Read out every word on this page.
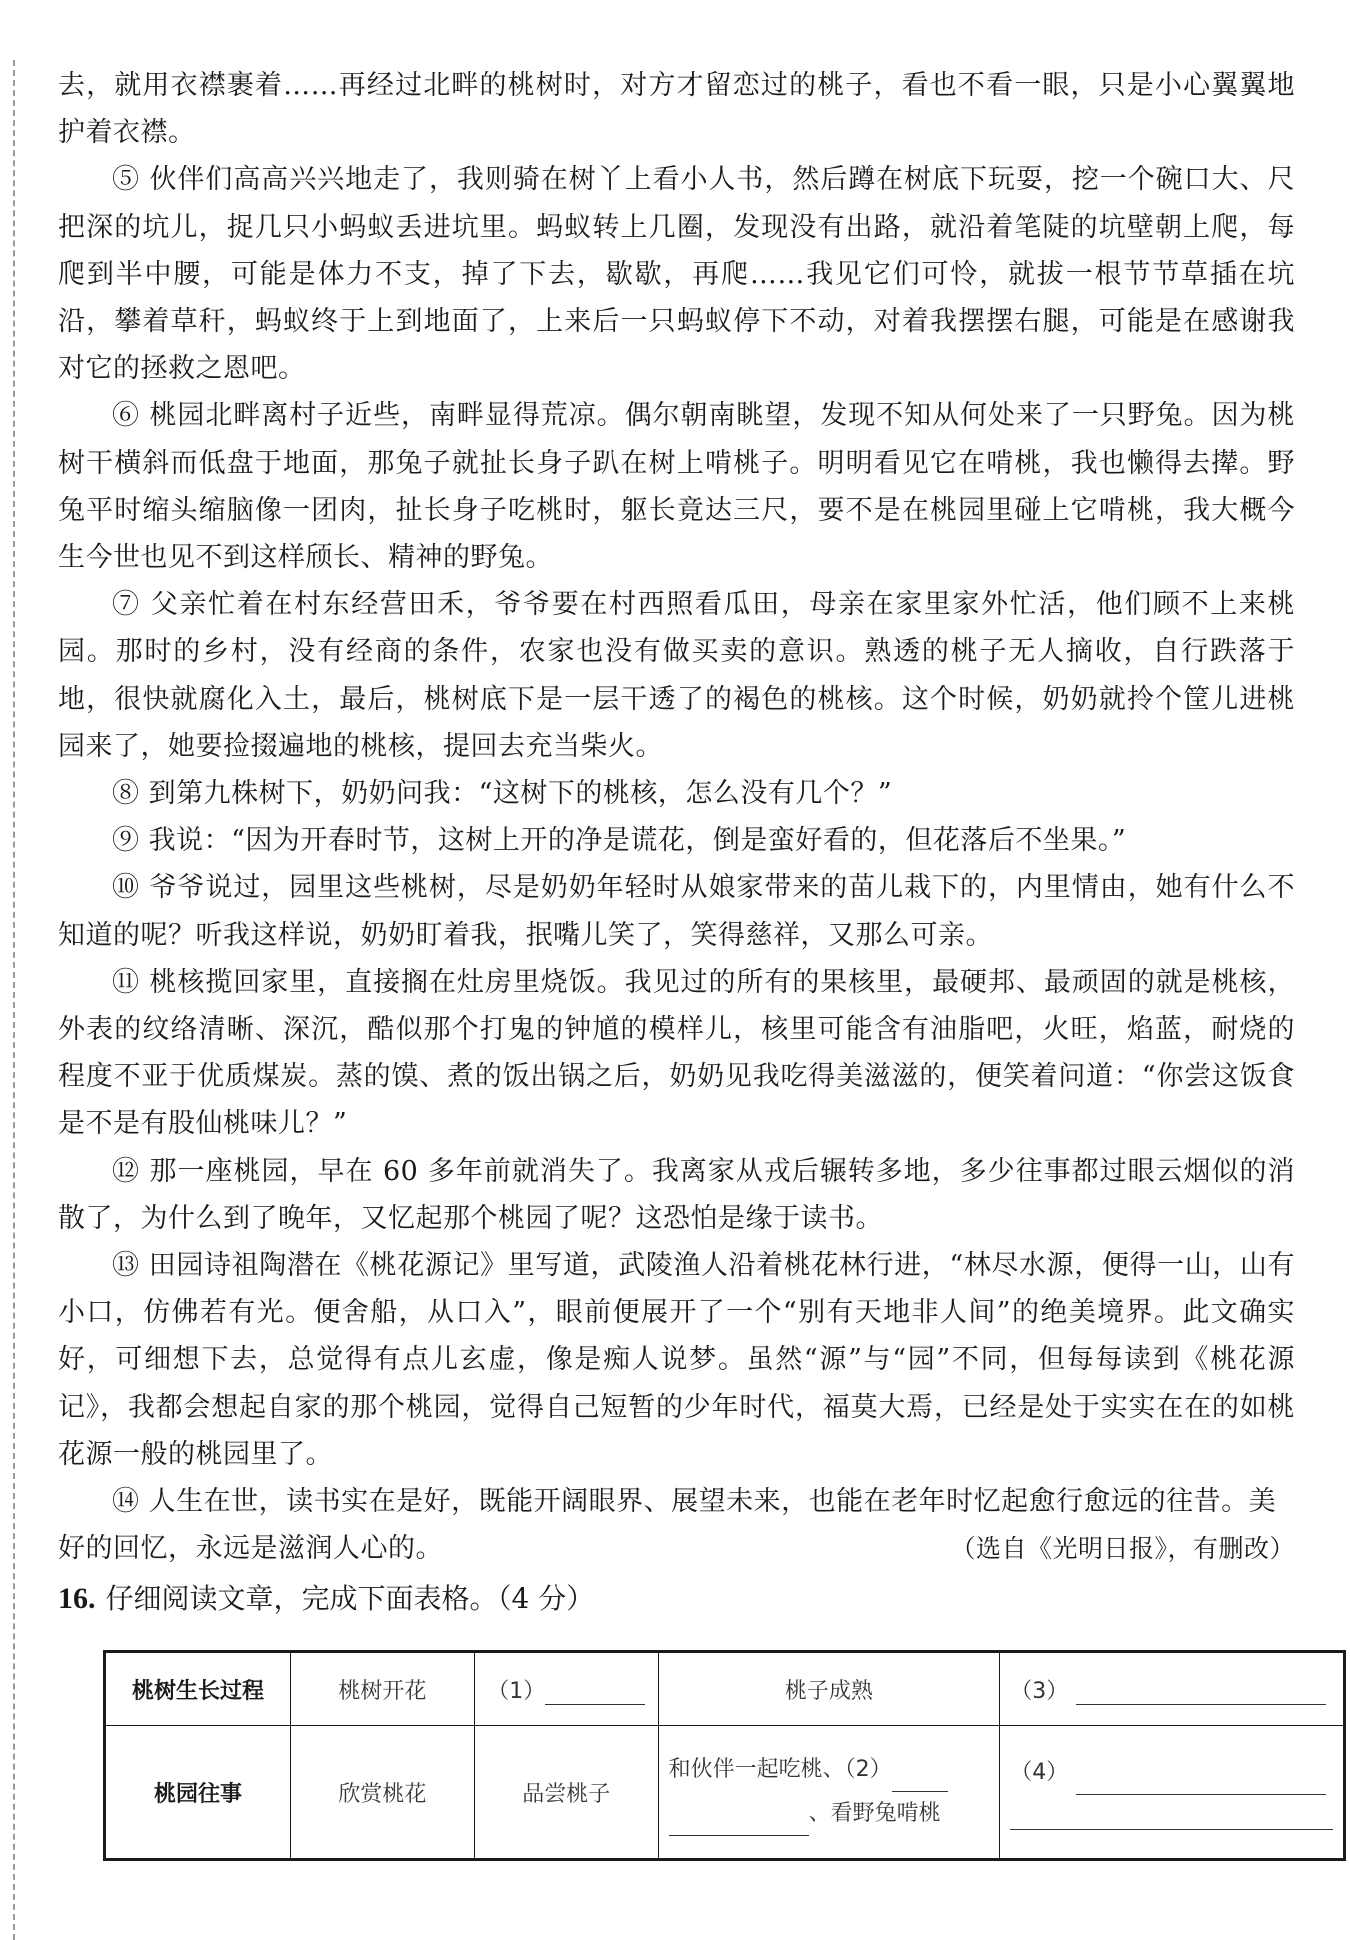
去，就用衣襟裹着……再经过北畔的桃树时，对方才留恋过的桃子，看也不看一眼，只是小心翼翼地护着衣襟。

⑤ 伙伴们高高兴兴地走了，我则骑在树丫上看小人书，然后蹲在树底下玩耍，挖一个碗口大、尺把深的坑儿，捉几只小蚂蚁丢进坑里。蚂蚁转上几圈，发现没有出路，就沿着笔陡的坑壁朝上爬，每爬到半中腰，可能是体力不支，掉了下去，歇歇，再爬……我见它们可怜，就拔一根节节草插在坑沿，攀着草秆，蚂蚁终于上到地面了，上来后一只蚂蚁停下不动，对着我摆摆右腿，可能是在感谢我对它的拯救之恩吧。

⑥ 桃园北畔离村子近些，南畔显得荒凉。偶尔朝南眺望，发现不知从何处来了一只野兔。因为桃树干横斜而低盘于地面，那兔子就扯长身子趴在树上啃桃子。明明看见它在啃桃，我也懒得去撵。野兔平时缩头缩脑像一团肉，扯长身子吃桃时，躯长竟达三尺，要不是在桃园里碰上它啃桃，我大概今生今世也见不到这样颀长、精神的野兔。

⑦ 父亲忙着在村东经营田禾，爷爷要在村西照看瓜田，母亲在家里家外忙活，他们顾不上来桃园。那时的乡村，没有经商的条件，农家也没有做买卖的意识。熟透的桃子无人摘收，自行跌落于地，很快就腐化入土，最后，桃树底下是一层干透了的褐色的桃核。这个时候，奶奶就拎个筐儿进桃园来了，她要捡掇遍地的桃核，提回去充当柴火。

⑧ 到第九株树下，奶奶问我：“这树下的桃核，怎么没有几个？”

⑨ 我说：“因为开春时节，这树上开的净是谎花，倒是蛮好看的，但花落后不坐果。”

⑩ 爷爷说过，园里这些桃树，尽是奶奶年轻时从娘家带来的苗儿栽下的，内里情由，她有什么不知道的呢？听我这样说，奶奶盯着我，抿嘴儿笑了，笑得慈祥，又那么可亲。

⑪ 桃核揽回家里，直接搁在灶房里烧饭。我见过的所有的果核里，最硬邦、最顽固的就是桃核，外表的纹络清晰、深沉，酷似那个打鬼的钟馗的模样儿，核里可能含有油脂吧，火旺，焰蓝，耐烧的程度不亚于优质煤炭。蒸的馍、煮的饭出锅之后，奶奶见我吃得美滋滋的，便笑着问道：“你尝这饭食是不是有股仙桃味儿？”

⑫ 那一座桃园，早在 60 多年前就消失了。我离家从戎后辗转多地，多少往事都过眼云烟似的消散了，为什么到了晚年，又忆起那个桃园了呢？这恐怕是缘于读书。

⑬ 田园诗祖陶潜在《桃花源记》里写道，武陵渔人沿着桃花林行进，“林尽水源，便得一山，山有小口，仿佛若有光。便舍船，从口入”，眼前便展开了一个“别有天地非人间”的绝美境界。此文确实好，可细想下去，总觉得有点儿玄虚，像是痴人说梦。虽然“源”与“园”不同，但每每读到《桃花源记》，我都会想起自家的那个桃园，觉得自己短暂的少年时代，福莫大焉，已经是处于实实在在的如桃花源一般的桃园里了。

⑭ 人生在世，读书实在是好，既能开阔眼界、展望未来，也能在老年时忆起愈行愈远的往昔。美

好的回忆，永远是滋润人心的。	（选自《光明日报》，有删改）

16. 仔细阅读文章，完成下面表格。（4 分）
桃树生长过程	桃树开花	（1）	桃子成熟	（3）
桃园往事	欣赏桃花	品尝桃子	和伙伴一起吃桃、（2）
、看野兔啃桃	（4）
